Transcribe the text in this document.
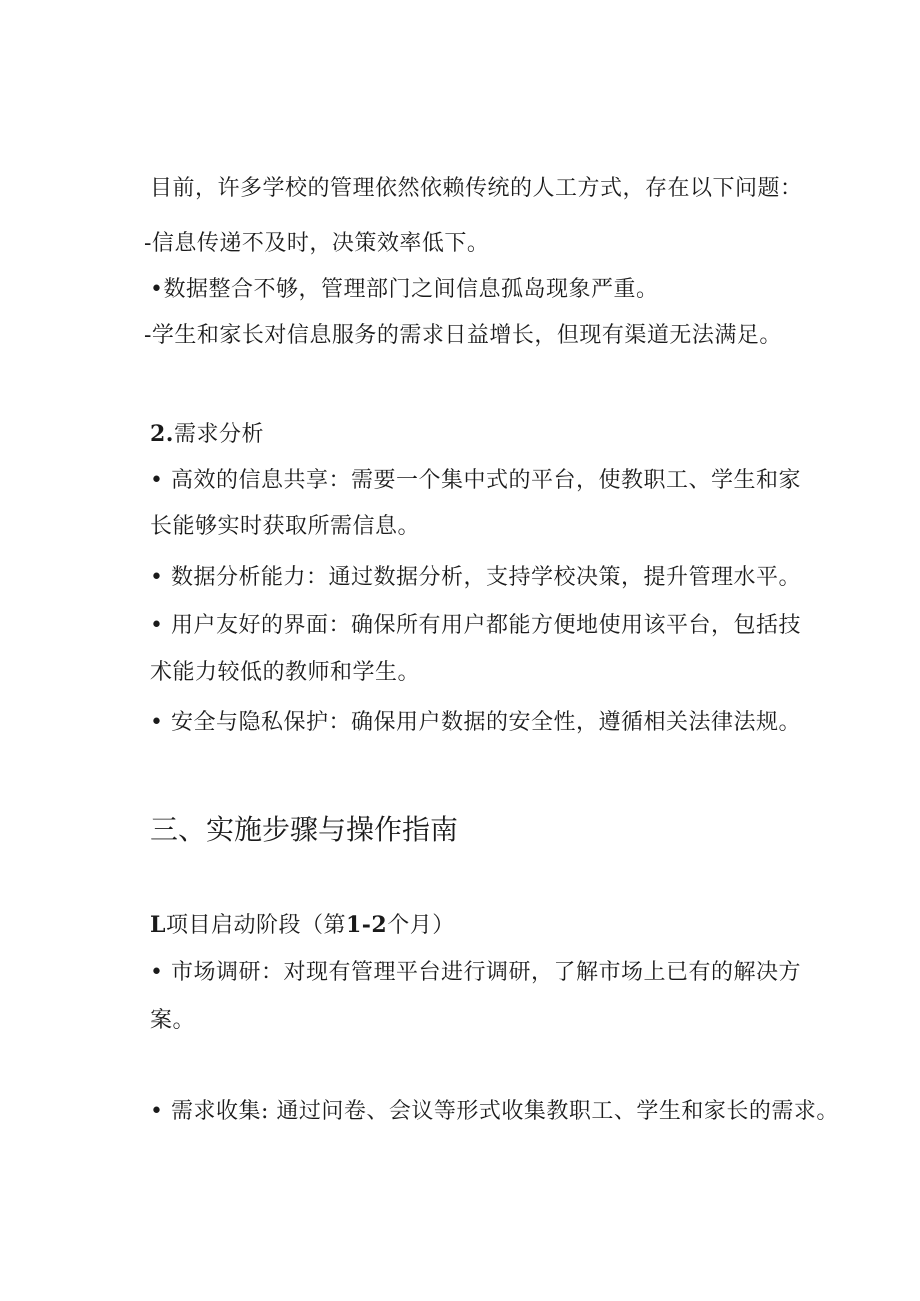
目前，许多学校的管理依然依赖传统的人工方式，存在以下问题：
-信息传递不及时，决策效率低下。
•数据整合不够，管理部门之间信息孤岛现象严重。
-学生和家长对信息服务的需求日益增长，但现有渠道无法满足。
2.需求分析
• 高效的信息共享：需要一个集中式的平台，使教职工、学生和家
长能够实时获取所需信息。
• 数据分析能力：通过数据分析，支持学校决策，提升管理水平。
• 用户友好的界面：确保所有用户都能方便地使用该平台，包括技
术能力较低的教师和学生。
• 安全与隐私保护：确保用户数据的安全性，遵循相关法律法规。
三、实施步骤与操作指南
L项目启动阶段（第1-2个月）
• 市场调研：对现有管理平台进行调研，了解市场上已有的解决方
案。
• 需求收集: 通过问卷、会议等形式收集教职工、学生和家长的需求。
